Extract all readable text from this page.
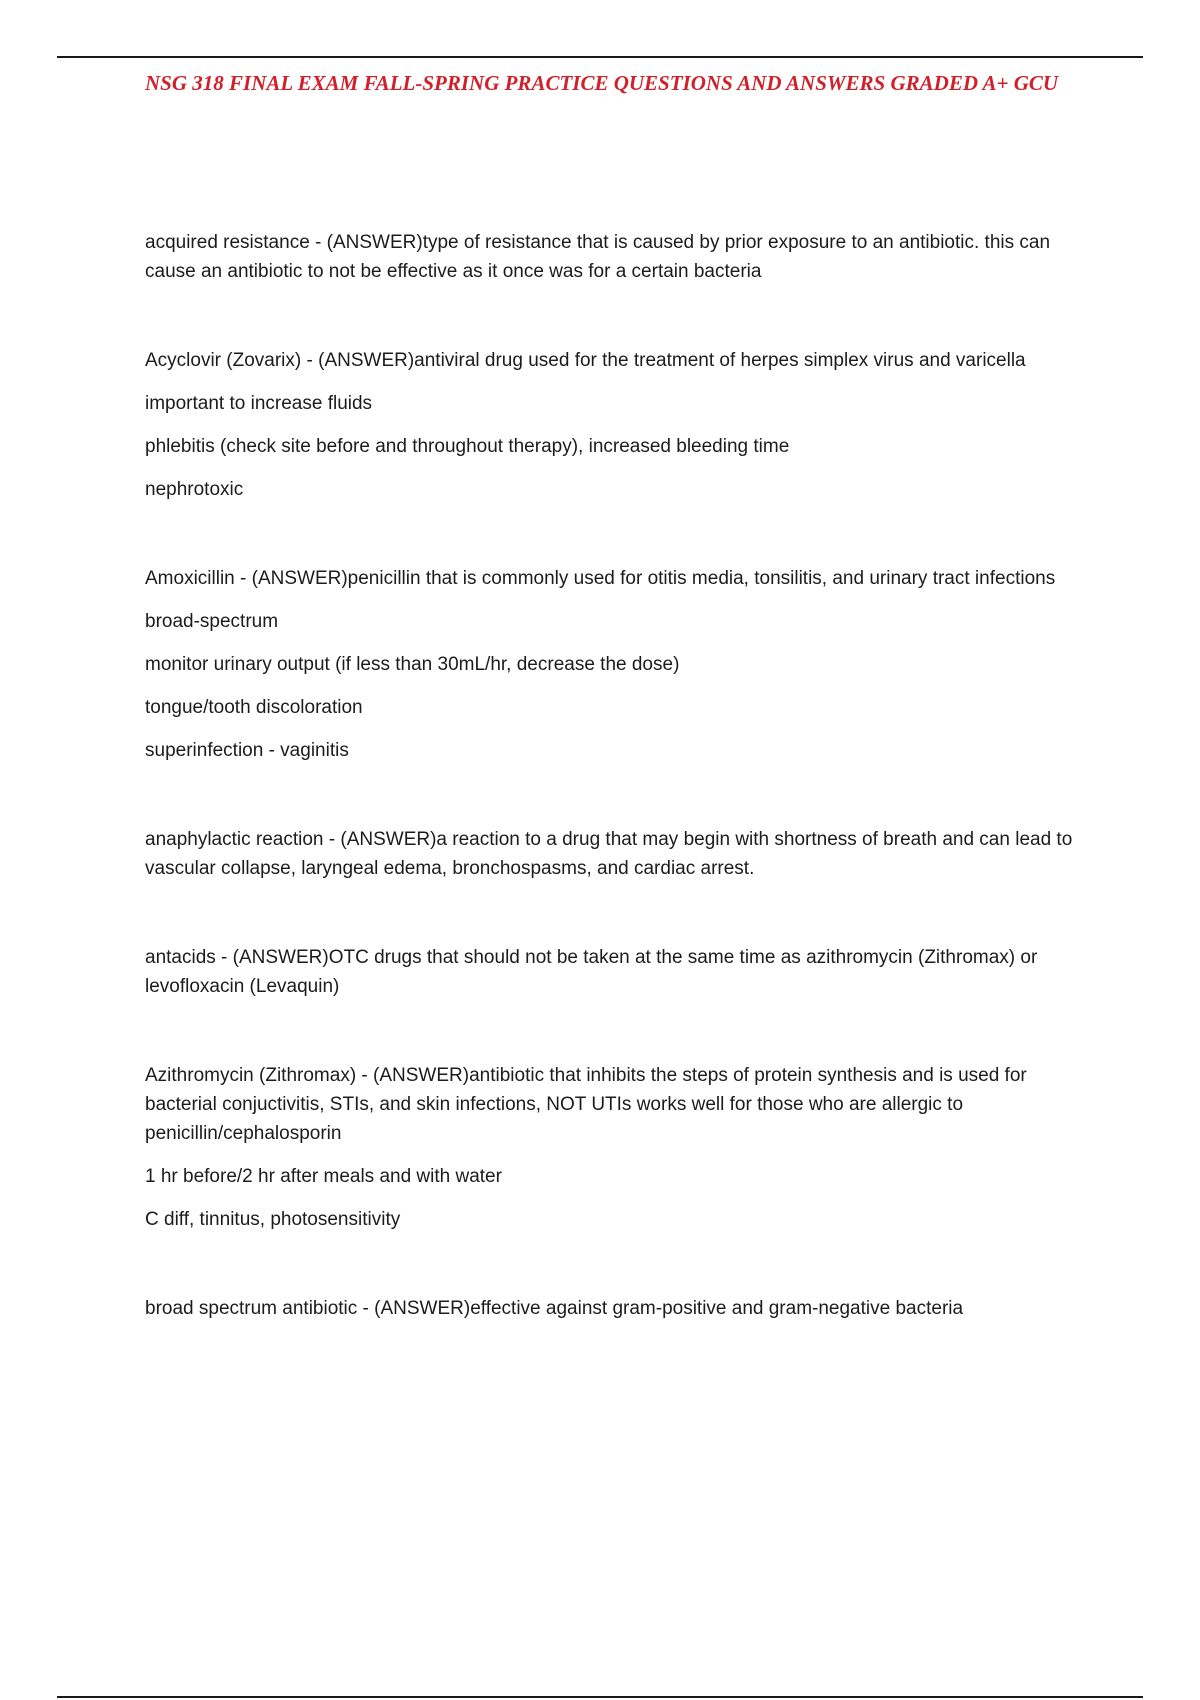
NSG 318 FINAL EXAM FALL-SPRING PRACTICE QUESTIONS AND ANSWERS GRADED A+ GCU

acquired resistance - (ANSWER)type of resistance that is caused by prior exposure to an antibiotic. this can cause an antibiotic to not be effective as it once was for a certain bacteria

Acyclovir (Zovarix) - (ANSWER)antiviral drug used for the treatment of herpes simplex virus and varicella

important to increase fluids

phlebitis (check site before and throughout therapy), increased bleeding time

nephrotoxic

Amoxicillin - (ANSWER)penicillin that is commonly used for otitis media, tonsilitis, and urinary tract infections

broad-spectrum

monitor urinary output (if less than 30mL/hr, decrease the dose)

tongue/tooth discoloration

superinfection - vaginitis

anaphylactic reaction - (ANSWER)a reaction to a drug that may begin with shortness of breath and can lead to vascular collapse, laryngeal edema, bronchospasms, and cardiac arrest.

antacids - (ANSWER)OTC drugs that should not be taken at the same time as azithromycin (Zithromax) or levofloxacin (Levaquin)

Azithromycin (Zithromax) - (ANSWER)antibiotic that inhibits the steps of protein synthesis and is used for bacterial conjuctivitis, STIs, and skin infections, NOT UTIs works well for those who are allergic to penicillin/cephalosporin

1 hr before/2 hr after meals and with water

C diff, tinnitus, photosensitivity

broad spectrum antibiotic - (ANSWER)effective against gram-positive and gram-negative bacteria
